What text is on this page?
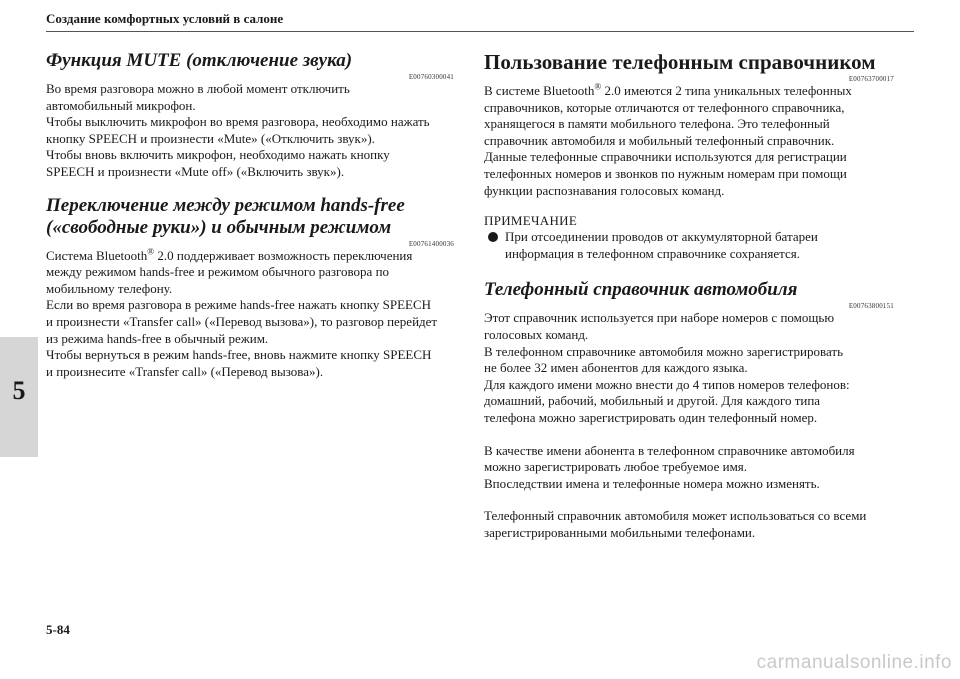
Создание комфортных условий в салоне
5
Функция MUTE (отключение звука)
E00760300041

Во время разговора можно в любой момент отключить

автомобильный микрофон.

Чтобы выключить микрофон во время разговора, необходимо нажать

кнопку SPEECH и произнести «Mute» («Отключить звук»).

Чтобы вновь включить микрофон, необходимо нажать кнопку

SPEECH и произнести «Mute off» («Включить звук»).

Переключение между режимом hands-free
(«свободные руки») и обычным режимом
E00761400036

Система Bluetooth® 2.0 поддерживает возможность переключения

между режимом hands-free и режимом обычного разговора по

мобильному телефону.

Если во время разговора в режиме hands-free нажать кнопку SPEECH

и произнести «Transfer call» («Перевод вызова»), то разговор перейдет

из режима hands-free в обычный режим.

Чтобы вернуться в режим hands-free, вновь нажмите кнопку SPEECH

и произнесите «Transfer call» («Перевод вызова»).

Пользование телефонным справочником
E00763700017

В системе Bluetooth® 2.0 имеются 2 типа уникальных телефонных

справочников, которые отличаются от телефонного справочника,

хранящегося в памяти мобильного телефона. Это телефонный

справочник автомобиля и мобильный телефонный справочник.

Данные телефонные справочники используются для регистрации

телефонных номеров и звонков по нужным номерам при помощи

функции распознавания голосовых команд.

ПРИМЕЧАНИЕ
При отсоединении проводов от аккумуляторной батареи
информация в телефонном справочнике сохраняется.
Телефонный справочник автомобиля
E00763800151

Этот справочник используется при наборе номеров с помощью

голосовых команд.

В телефонном справочнике автомобиля можно зарегистрировать

не более 32 имен абонентов для каждого языка.

Для каждого имени можно внести до 4 типов номеров телефонов:

домашний, рабочий, мобильный и другой. Для каждого типа

телефона можно зарегистрировать один телефонный номер.

В качестве имени абонента в телефонном справочнике автомобиля

можно зарегистрировать любое требуемое имя.

Впоследствии имена и телефонные номера можно изменять.

Телефонный справочник автомобиля может использоваться со всеми

зарегистрированными мобильными телефонами.

5-84
carmanualsonline.info
